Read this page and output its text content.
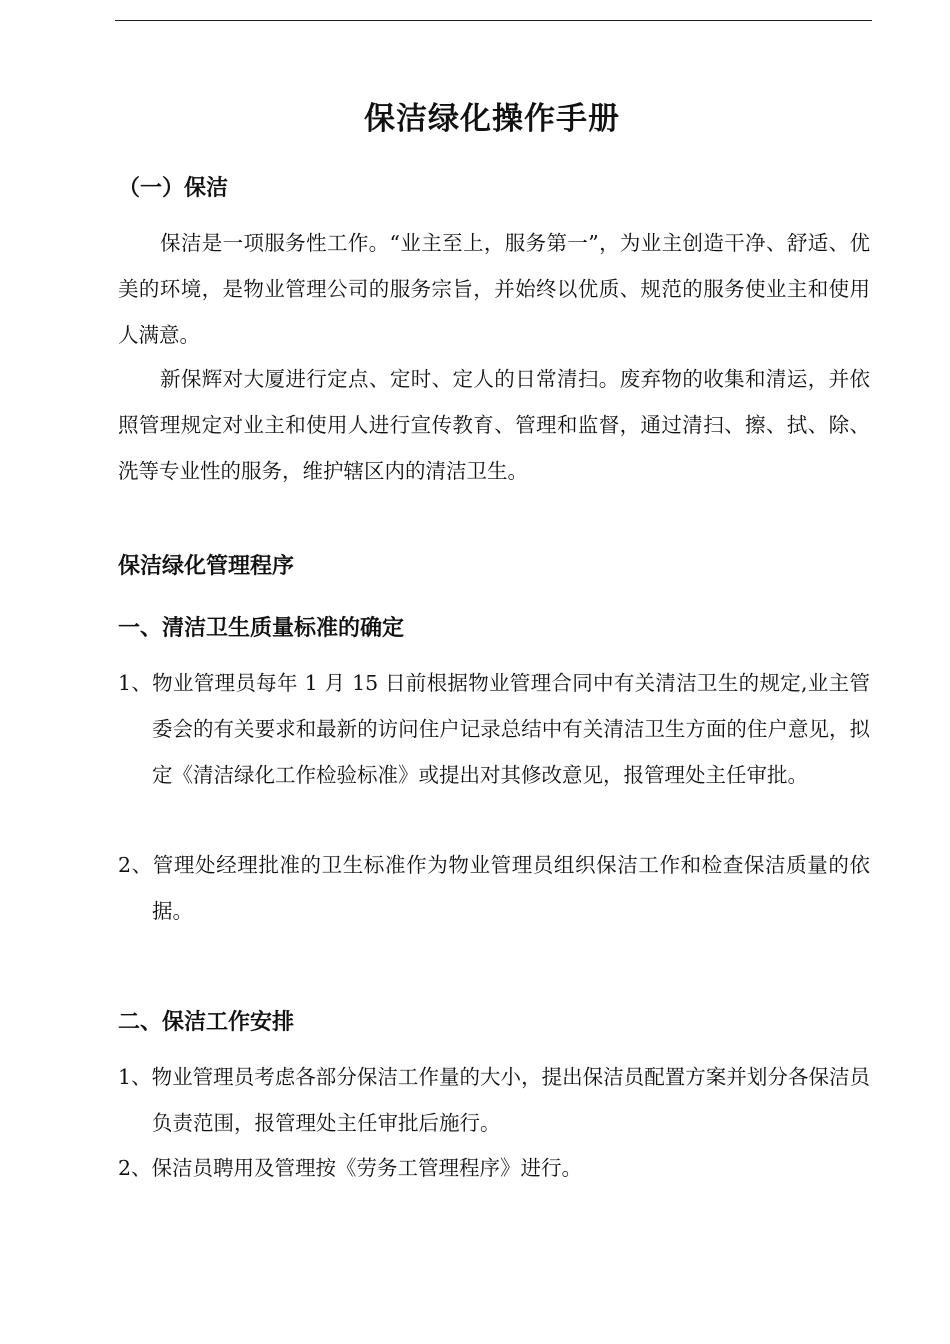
保洁绿化操作手册
（一）保洁
保洁是一项服务性工作。“业主至上，服务第一”，为业主创造干净、舒适、优美的环境，是物业管理公司的服务宗旨，并始终以优质、规范的服务使业主和使用人满意。
新保辉对大厦进行定点、定时、定人的日常清扫。废弃物的收集和清运，并依照管理规定对业主和使用人进行宣传教育、管理和监督，通过清扫、擦、拭、除、洗等专业性的服务，维护辖区内的清洁卫生。
保洁绿化管理程序
一、清洁卫生质量标准的确定
1、物业管理员每年 1 月 15 日前根据物业管理合同中有关清洁卫生的规定,业主管委会的有关要求和最新的访问住户记录总结中有关清洁卫生方面的住户意见，拟定《清洁绿化工作检验标准》或提出对其修改意见，报管理处主任审批。
2、管理处经理批准的卫生标准作为物业管理员组织保洁工作和检查保洁质量的依据。
二、保洁工作安排
1、物业管理员考虑各部分保洁工作量的大小，提出保洁员配置方案并划分各保洁员负责范围，报管理处主任审批后施行。
2、保洁员聘用及管理按《劳务工管理程序》进行。
